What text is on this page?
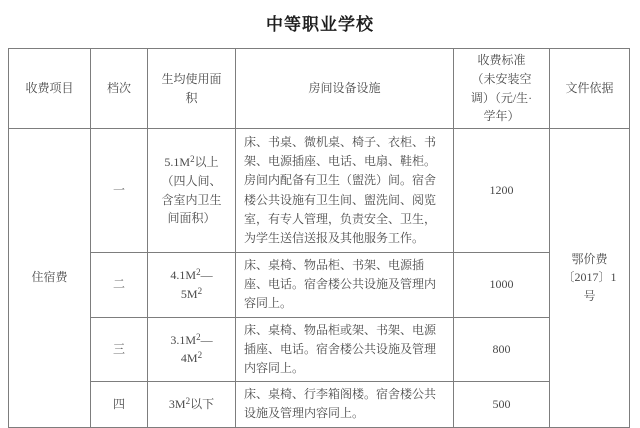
中等职业学校
收费项目	档次	生均使用面积	房间设备设施	收费标准（未安装空调）（元/生·学年）	文件依据
住宿费	一	$5.1M^2$以上（四人间、含室内卫生间面积）	床、书桌、微机桌、椅子、衣柜、书架、电源插座、电话、电扇、鞋柜。房间内配备有卫生（盥洗）间。宿舍楼公共设施有卫生间、盥洗间、阅览室，有专人管理，负责安全、卫生，为学生送信送报及其他服务工作。	1200	鄂价费〔2017〕1号
	二	$4.1M^2—5M^2$	床、桌椅、物品柜、书架、电源插座、电话。宿舍楼公共设施及管理内容同上。	1000	
	三	$3.1M^2—4M^2$	床、桌椅、物品柜或架、书架、电源插座、电话。宿舍楼公共设施及管理内容同上。	800	
	四	$3M^2$以下	床、桌椅、行李箱阁楼。宿舍楼公共设施及管理内容同上。	500	
